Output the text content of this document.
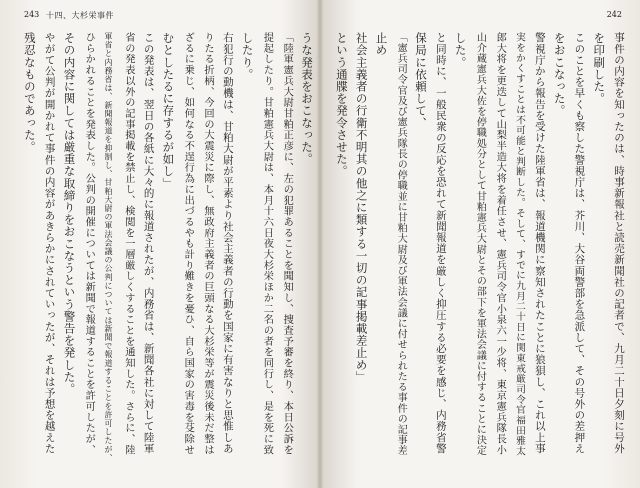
243 十四、大杉栄事件
うな発表をおこなった。
「陸軍憲兵大尉甘粕正彦に、左の犯罪あることを聞知し、捜査予審を終り、本日公訴を
提起したり。甘粕憲兵大尉は、本月十六日夜大杉栄ほか二名の者を同行し、是を死に致
したり。
右犯行の動機は、甘粕大尉が平素より社会主義者の行動を国家に有害なりと思惟しあ
りたる折柄、今回の大震災に際し、無政府主義者の巨頭なる大杉栄等が震災後未だ整は
ざるに乗じ、如何なる不逞行為に出づるやも計り難きを憂ひ、自ら国家の害毒を芟除せ
むとしたるに存するが如し」
この発表は、翌日の各紙に大々的に報道されたが、内務省は、新聞各社に対して陸軍
省の発表以外の記事掲載を禁止し、検閲を一層厳しくすることを通知した。さらに、陸
軍省と内務省は、新聞報道を抑制し、甘粕大尉の軍法会議の公判については新聞で報道することを許可したが、
ひらかれることを発表した。公判の開催については新聞で報道することを許可したが、
その内容に関しては厳重な取締りをおこなうという警告を発した。
やがて公判が開かれて事件の内容があきらかにされていったが、それは予想を越えた
残忍なものであった。
242
事件の内容を知ったのは、時事新報社と読売新聞社の記者で、九月二十日夕刻に号外
を印刷した。
このことを早くも察した警視庁は、芥川、大谷両警部を急派して、その号外の差押え
をおこなった。
警視庁から報告を受けた陸軍省は、報道機関に察知されたことに狼狽し、これ以上事
実をかくすことは不可能と判断した。そして、すでに九月二十日に関東戒厳司令官福田雅太
郎大将を更迭して山梨半造大将を着任させ、憲兵司令官小泉六一少将、東京憲兵隊長小
山介蔵憲兵大佐を停職処分として甘粕憲兵大尉とその部下を軍法会議に付することに決定
した。
と同時に、一般民衆の反応を恐れて新聞報道を厳しく抑圧する必要を感じ、内務省警
保局に依頼して、
「憲兵司令官及び憲兵隊長の停職並に甘粕大尉及び軍法会議に付せられたる事件の記事差
止め
社会主義者の行衛不明其の他之に類する一切の記事掲載差止め」
という通牒を発令させた。
